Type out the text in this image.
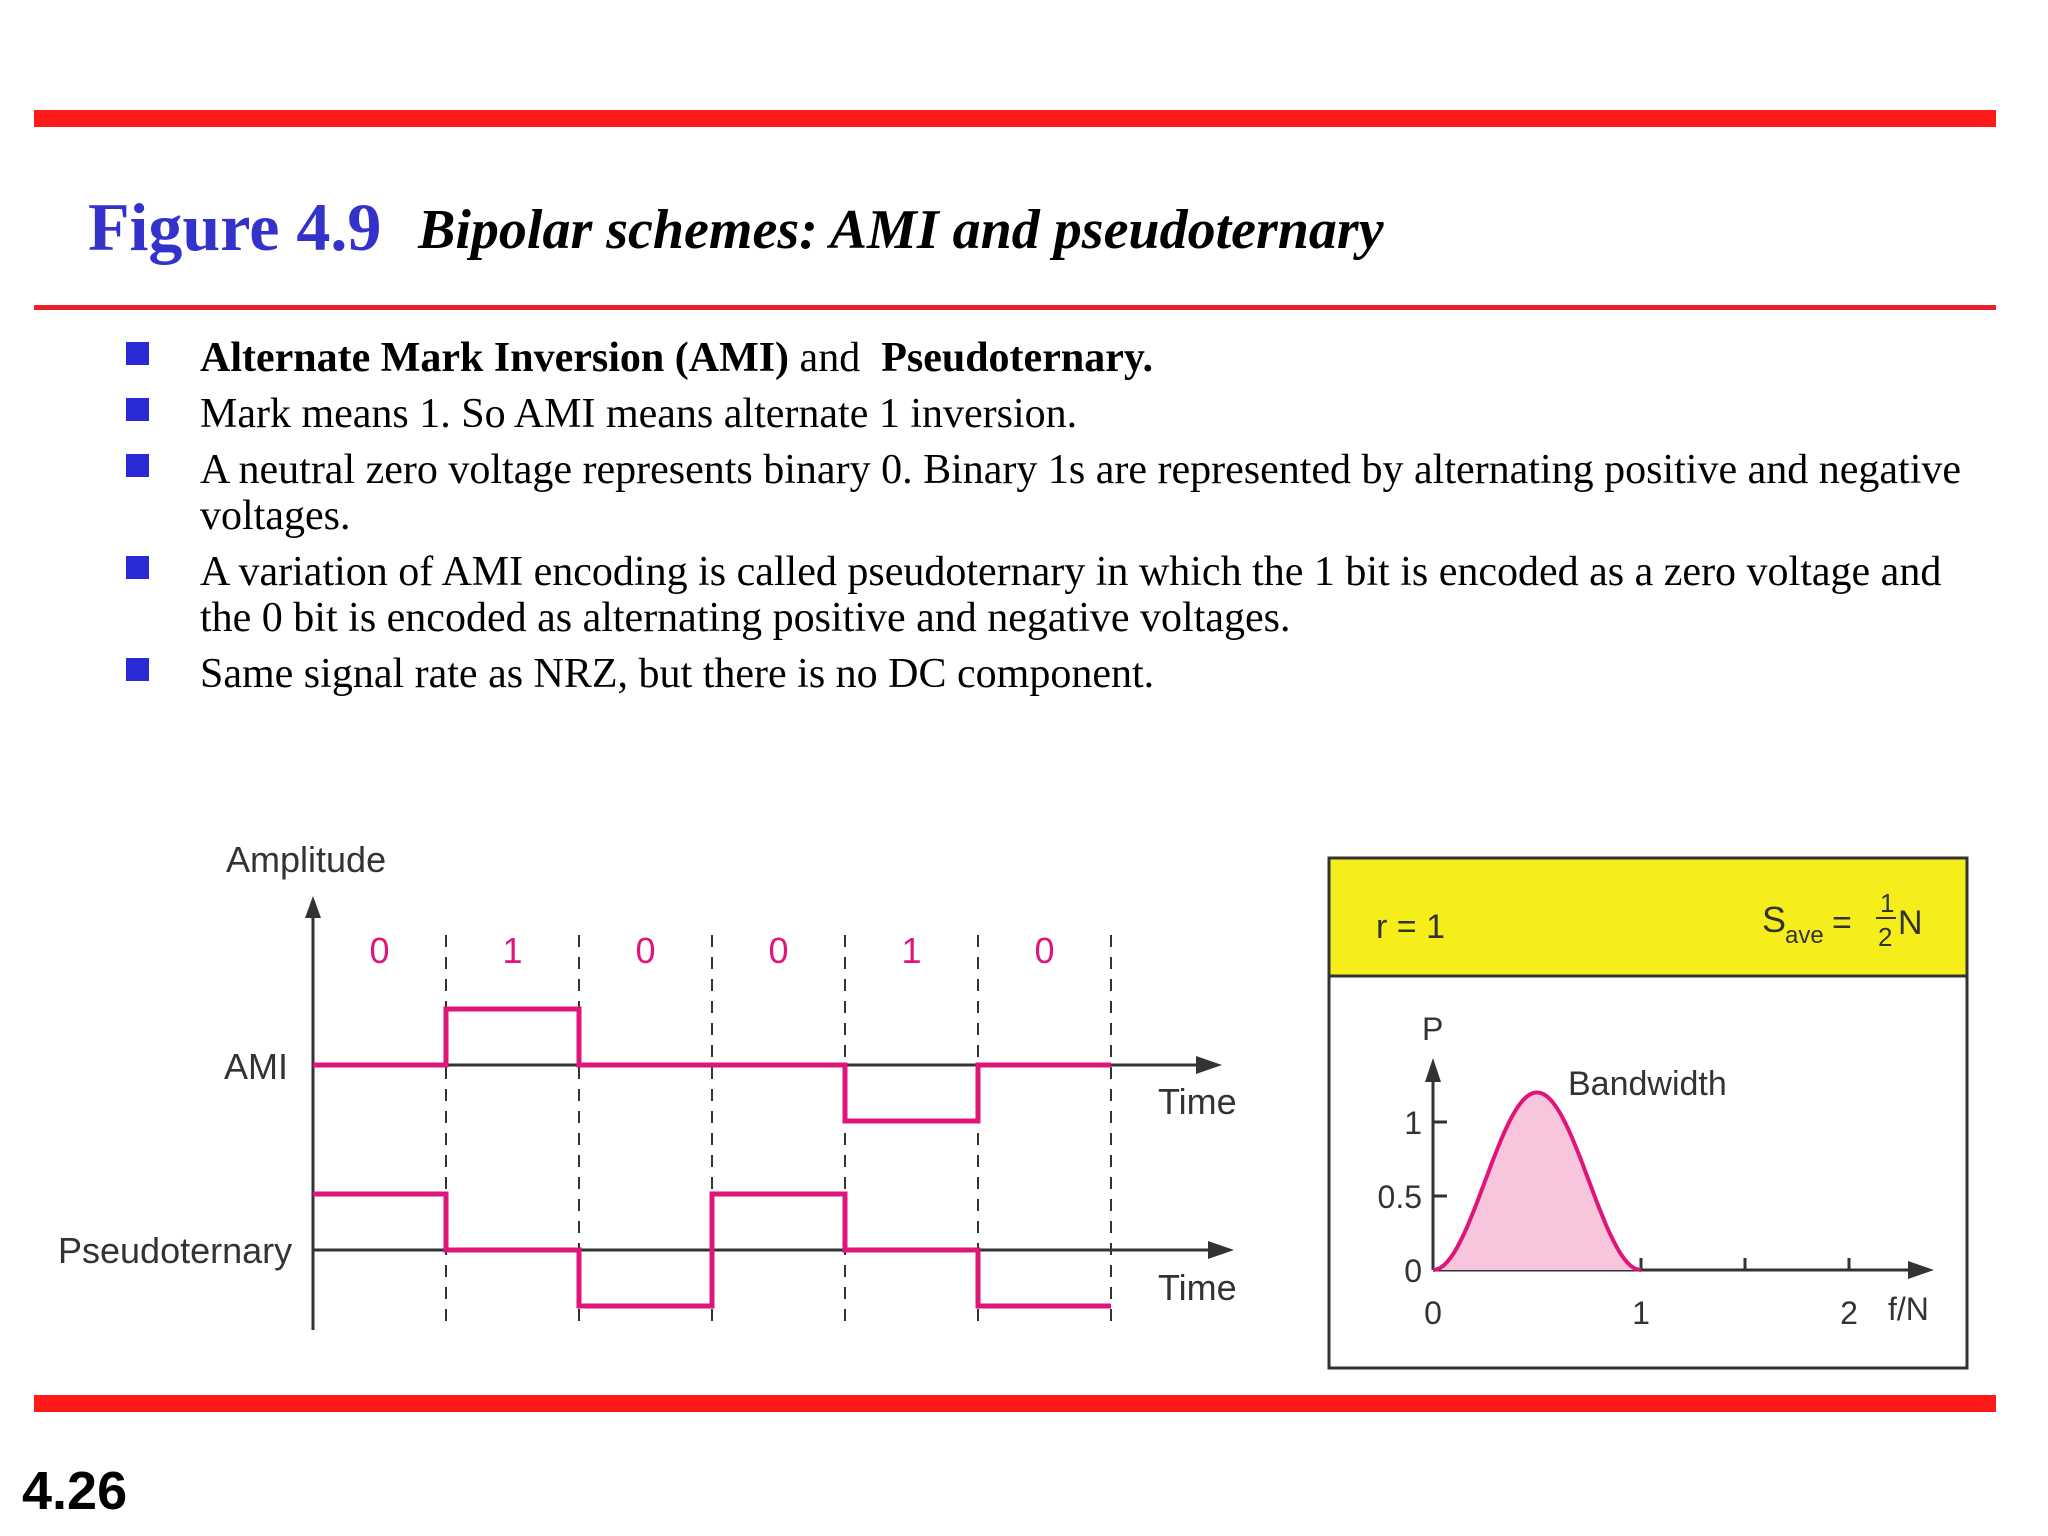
Figure 4.9 Bipolar schemes: AMI and pseudoternary
Alternate Mark Inversion (AMI) and  Pseudoternary.
Mark means 1. So AMI means alternate 1 inversion.
A neutral zero voltage represents binary 0. Binary 1s are represented by alternating positive and negative voltages.
A variation of AMI encoding is called pseudoternary in which the 1 bit is encoded as a zero voltage and the 0 bit is encoded as alternating positive and negative voltages.
Same signal rate as NRZ, but there is no DC component.
Amplitude
0	1	0	0	1	0
AMI
Time
Pseudoternary
Time
r = 1	S
ave =
1
2 N
P
1
0.5
0
0	1	2 f/N
Bandwidth
4.26
